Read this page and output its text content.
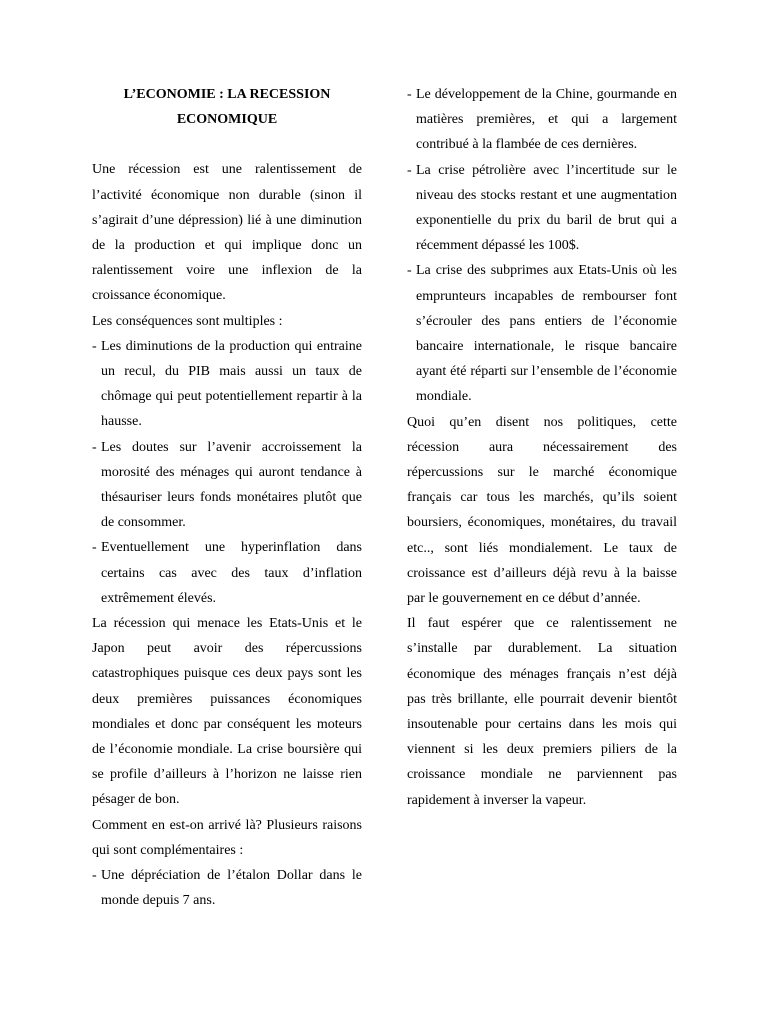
L’ECONOMIE : LA RECESSION
ECONOMIQUE

Une récession est une ralentissement de l’activité économique non durable (sinon il s’agirait d’une dépression) lié à une diminution de la production et qui implique donc un ralentissement voire une inflexion de la croissance économique.

Les conséquences sont multiples :

- Les diminutions de la production qui entraine un recul, du PIB mais aussi un taux de chômage qui peut potentiellement repartir à la hausse.
- Les doutes sur l’avenir accroissement la morosité des ménages qui auront tendance à thésauriser leurs fonds monétaires plutôt que de consommer.
- Eventuellement une hyperinflation dans certains cas avec des taux d’inflation extrêmement élevés.

La récession qui menace les Etats-Unis et le Japon peut avoir des répercussions catastrophiques puisque ces deux pays sont les deux premières puissances économiques mondiales et donc par conséquent les moteurs de l’économie mondiale. La crise boursière qui se profile d’ailleurs à l’horizon ne laisse rien pésager de bon.

Comment en est-on arrivé là? Plusieurs raisons qui sont complémentaires :

- Une dépréciation de l’étalon Dollar dans le monde depuis 7 ans.
- Le développement de la Chine, gourmande en matières premières, et qui a largement contribué à la flambée de ces dernières.
- La crise pétrolière avec l’incertitude sur le niveau des stocks restant et une augmentation exponentielle du prix du baril de brut qui a récemment dépassé les 100$.
- La crise des subprimes aux Etats-Unis où les emprunteurs incapables de rembourser font s’écrouler des pans entiers de l’économie bancaire internationale, le risque bancaire ayant été réparti sur l’ensemble de l’économie mondiale.

Quoi qu’en disent nos politiques, cette récession aura nécessairement des répercussions sur le marché économique français car tous les marchés, qu’ils soient boursiers, économiques, monétaires, du travail etc.., sont liés mondialement. Le taux de croissance est d’ailleurs déjà revu à la baisse par le gouvernement en ce début d’année.

Il faut espérer que ce ralentissement ne s’installe par durablement. La situation économique des ménages français n’est déjà pas très brillante, elle pourrait devenir bientôt insoutenable pour certains dans les mois qui viennent si les deux premiers piliers de la croissance mondiale ne parviennent pas rapidement à inverser la vapeur.
